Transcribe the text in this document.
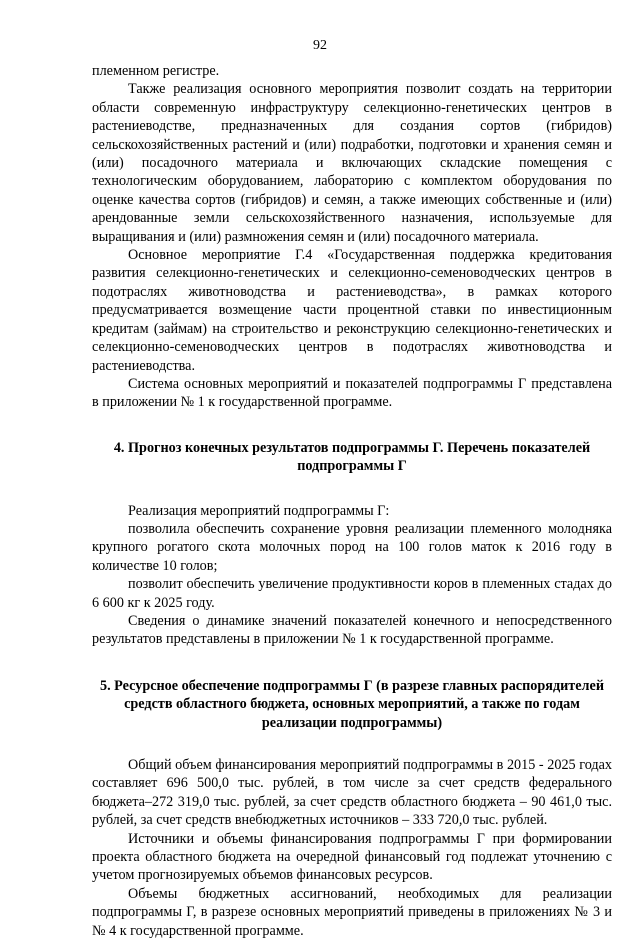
92

племенном регистре.

Также реализация основного мероприятия позволит создать на территории области современную инфраструктуру селекционно-генетических центров в растениеводстве, предназначенных для создания сортов (гибридов) сельскохозяйственных растений и (или) подработки, подготовки и хранения семян и (или) посадочного материала и включающих складские помещения с технологическим оборудованием, лабораторию с комплектом оборудования по оценке качества сортов (гибридов) и семян, а также имеющих собственные и (или) арендованные земли сельскохозяйственного назначения, используемые для выращивания и (или) размножения семян и (или) посадочного материала.

Основное мероприятие Г.4 «Государственная поддержка кредитования развития селекционно-генетических и селекционно-семеноводческих центров в подотраслях животноводства и растениеводства», в рамках которого предусматривается возмещение части процентной ставки по инвестиционным кредитам (займам) на строительство и реконструкцию селекционно-генетических и селекционно-семеноводческих центров в подотраслях животноводства и растениеводства.

Система основных мероприятий и показателей подпрограммы Г представлена в приложении № 1 к государственной программе.

4. Прогноз конечных результатов подпрограммы Г. Перечень показателей подпрограммы Г

Реализация мероприятий подпрограммы Г:

позволила обеспечить сохранение уровня реализации племенного молодняка крупного рогатого скота молочных пород на 100 голов маток к 2016 году в количестве 10 голов;

позволит обеспечить увеличение продуктивности коров в племенных стадах до 6 600 кг к 2025 году.

Сведения о динамике значений показателей конечного и непосредственного результатов представлены в приложении № 1 к государственной программе.

5. Ресурсное обеспечение подпрограммы Г (в разрезе главных распорядителей средств областного бюджета, основных мероприятий, а также по годам реализации подпрограммы)

Общий объем финансирования мероприятий подпрограммы в 2015 - 2025 годах составляет 696 500,0 тыс. рублей, в том числе за счет средств федерального бюджета–272 319,0 тыс. рублей, за счет средств областного бюджета – 90 461,0 тыс. рублей, за счет средств внебюджетных источников – 333 720,0 тыс. рублей.

Источники и объемы финансирования подпрограммы Г при формировании проекта областного бюджета на очередной финансовый год подлежат уточнению с учетом прогнозируемых объемов финансовых ресурсов.

Объемы бюджетных ассигнований, необходимых для реализации подпрограммы Г, в разрезе основных мероприятий приведены в приложениях № 3 и № 4 к государственной программе.
